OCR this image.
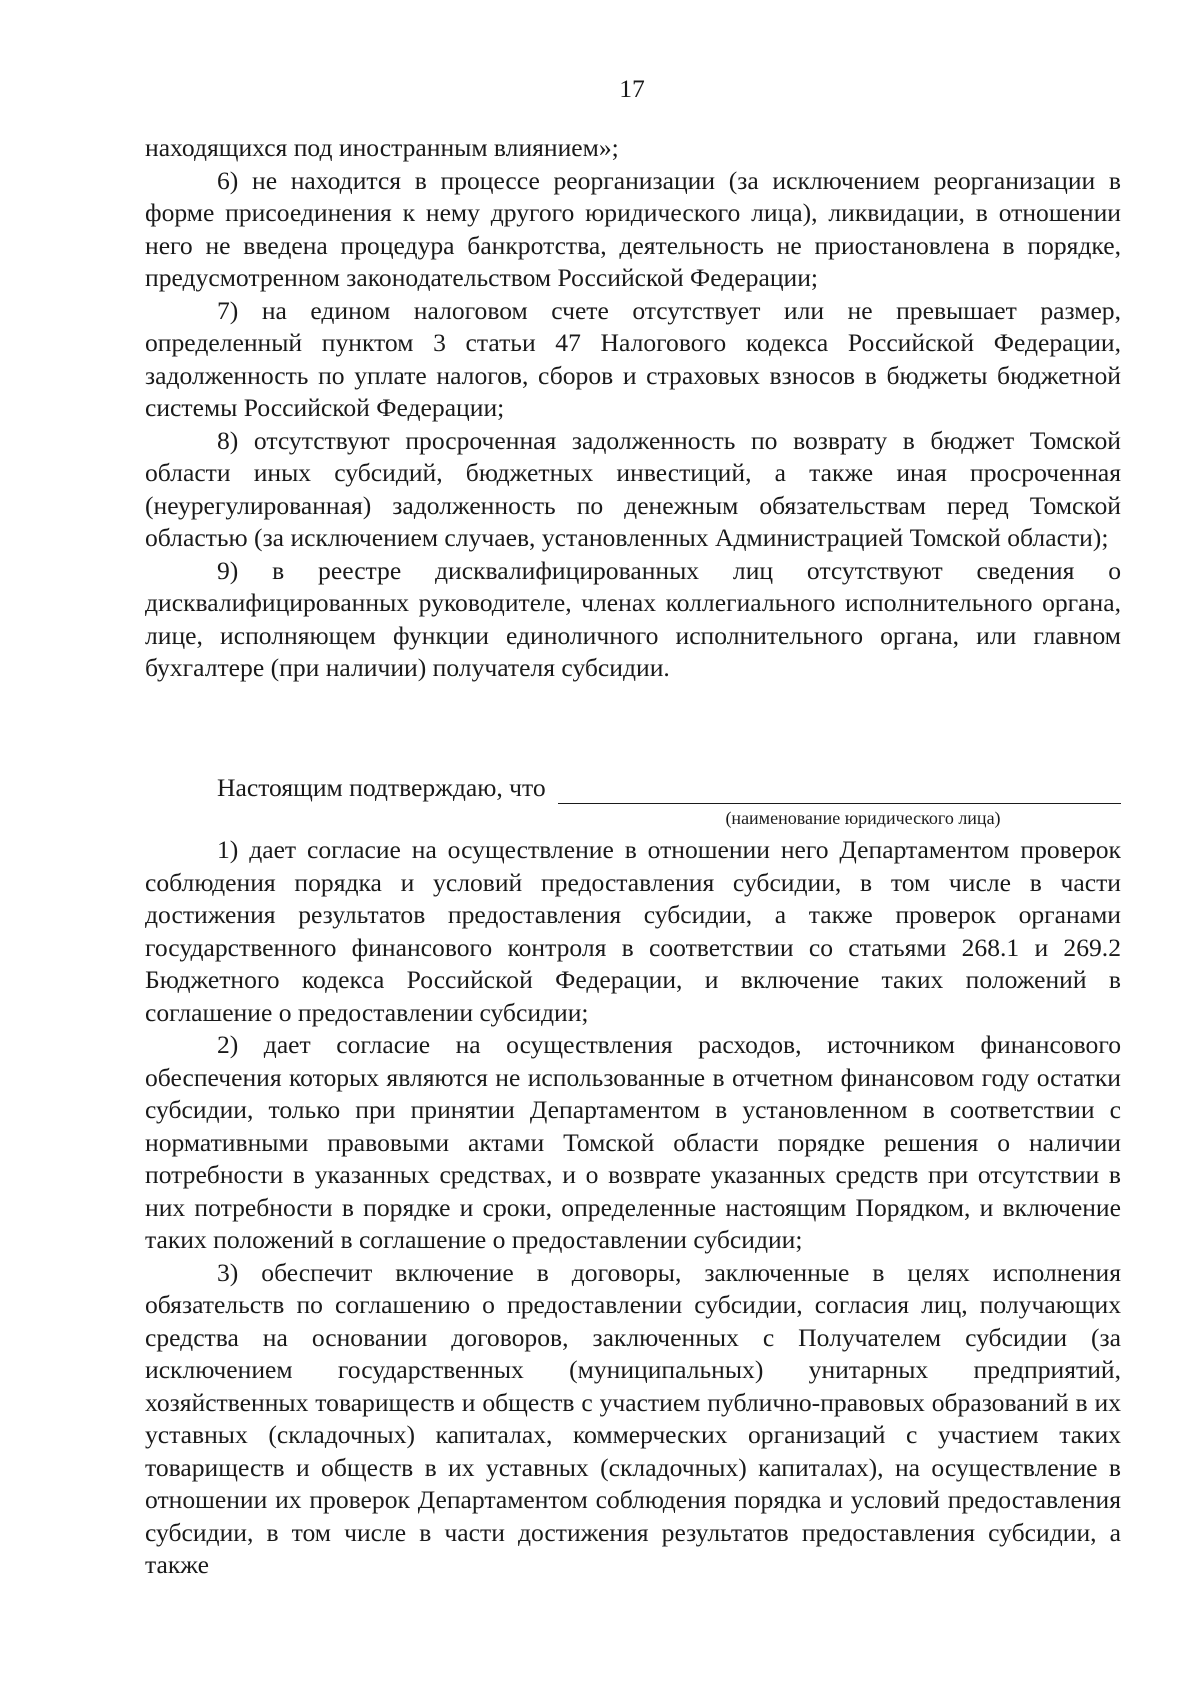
17

находящихся под иностранным влиянием»;

6) не находится в процессе реорганизации (за исключением реорганизации в форме присоединения к нему другого юридического лица), ликвидации, в отношении него не введена процедура банкротства, деятельность не приостановлена в порядке, предусмотренном законодательством Российской Федерации;

7) на едином налоговом счете отсутствует или не превышает размер, определенный пунктом 3 статьи 47 Налогового кодекса Российской Федерации, задолженность по уплате налогов, сборов и страховых взносов в бюджеты бюджетной системы Российской Федерации;

8) отсутствуют просроченная задолженность по возврату в бюджет Томской области иных субсидий, бюджетных инвестиций, а также иная просроченная (неурегулированная) задолженность по денежным обязательствам перед Томской областью (за исключением случаев, установленных Администрацией Томской области);

9) в реестре дисквалифицированных лиц отсутствуют сведения о дисквалифицированных руководителе, членах коллегиального исполнительного органа, лице, исполняющем функции единоличного исполнительного органа, или главном бухгалтере (при наличии) получателя субсидии.

Настоящим подтверждаю, что
(наименование юридического лица)

1) дает согласие на осуществление в отношении него Департаментом проверок соблюдения порядка и условий предоставления субсидии, в том числе в части достижения результатов предоставления субсидии, а также проверок органами государственного финансового контроля в соответствии со статьями 268.1 и 269.2 Бюджетного кодекса Российской Федерации, и включение таких положений в соглашение о предоставлении субсидии;

2) дает согласие на осуществления расходов, источником финансового обеспечения которых являются не использованные в отчетном финансовом году остатки субсидии, только при принятии Департаментом в установленном в соответствии с нормативными правовыми актами Томской области порядке решения о наличии потребности в указанных средствах, и о возврате указанных средств при отсутствии в них потребности в порядке и сроки, определенные настоящим Порядком, и включение таких положений в соглашение о предоставлении субсидии;

3) обеспечит включение в договоры, заключенные в целях исполнения обязательств по соглашению о предоставлении субсидии, согласия лиц, получающих средства на основании договоров, заключенных с Получателем субсидии (за исключением государственных (муниципальных) унитарных предприятий, хозяйственных товариществ и обществ с участием публично-правовых образований в их уставных (складочных) капиталах, коммерческих организаций с участием таких товариществ и обществ в их уставных (складочных) капиталах), на осуществление в отношении их проверок Департаментом соблюдения порядка и условий предоставления субсидии, в том числе в части достижения результатов предоставления субсидии, а также
